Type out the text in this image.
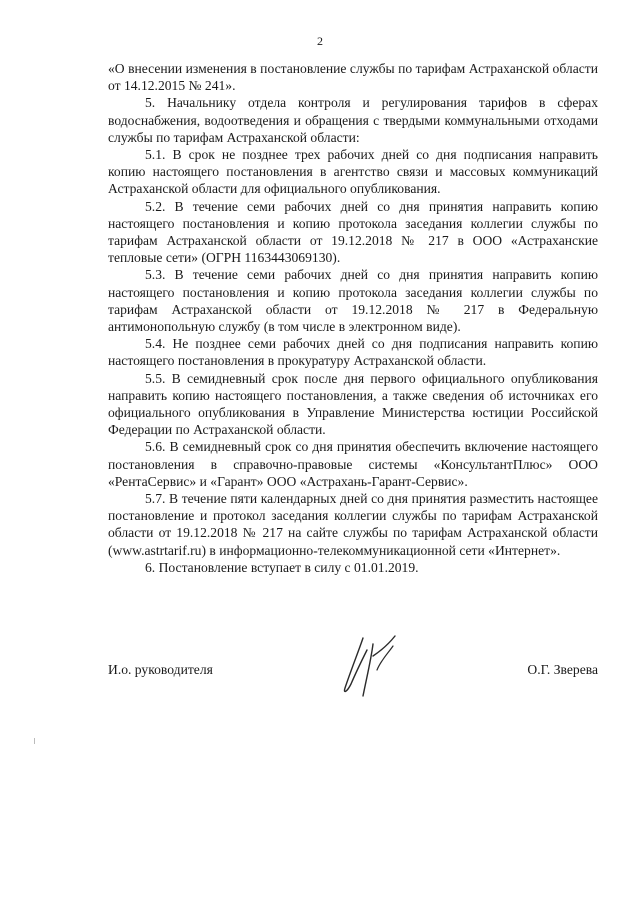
2

«О внесении изменения в постановление службы по тарифам Астраханской области от 14.12.2015 № 241».

5. Начальнику отдела контроля и регулирования тарифов в сферах водоснабжения, водоотведения и обращения с твердыми коммунальными отходами службы по тарифам Астраханской области:

5.1. В срок не позднее трех рабочих дней со дня подписания направить копию настоящего постановления в агентство связи и массовых коммуникаций Астраханской области для официального опубликования.

5.2. В течение семи рабочих дней со дня принятия направить копию настоящего постановления и копию протокола заседания коллегии службы по тарифам Астраханской области от 19.12.2018 № 217 в ООО «Астраханские тепловые сети» (ОГРН 1163443069130).

5.3. В течение семи рабочих дней со дня принятия направить копию настоящего постановления и копию протокола заседания коллегии службы по тарифам Астраханской области от 19.12.2018 № 217 в Федеральную антимонопольную службу (в том числе в электронном виде).

5.4. Не позднее семи рабочих дней со дня подписания направить копию настоящего постановления в прокуратуру Астраханской области.

5.5. В семидневный срок после дня первого официального опубликования направить копию настоящего постановления, а также сведения об источниках его официального опубликования в Управление Министерства юстиции Российской Федерации по Астраханской области.

5.6. В семидневный срок со дня принятия обеспечить включение настоящего постановления в справочно-правовые системы «КонсультантПлюс» ООО «РентаСервис» и «Гарант» ООО «Астрахань-Гарант-Сервис».

5.7. В течение пяти календарных дней со дня принятия разместить настоящее постановление и протокол заседания коллегии службы по тарифам Астраханской области от 19.12.2018 № 217 на сайте службы по тарифам Астраханской области (www.astrtarif.ru) в информационно-телекоммуникационной сети «Интернет».

6. Постановление вступает в силу с 01.01.2019.

И.о. руководителя	О.Г. Зверева
